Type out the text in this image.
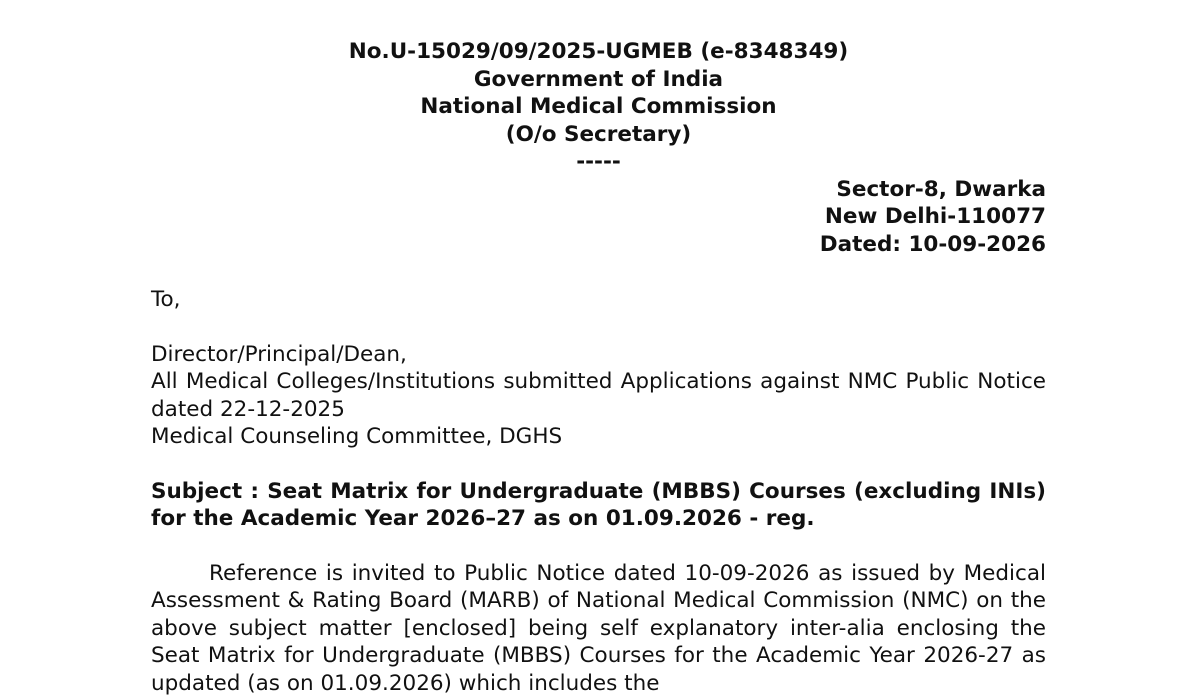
No.U-15029/09/2025-UGMEB (e-8348349)
Government of India
National Medical Commission
(O/o Secretary)
-----
Sector-8, Dwarka
New Delhi-110077
Dated: 10-09-2026
To,
Director/Principal/Dean,
All Medical Colleges/Institutions submitted Applications against NMC Public Notice dated 22-12-2025
Medical Counseling Committee, DGHS
Subject : Seat Matrix for Undergraduate (MBBS) Courses (excluding INIs) for the Academic Year 2026–27 as on 01.09.2026 - reg.
Reference is invited to Public Notice dated 10-09-2026 as issued by Medical Assessment & Rating Board (MARB) of National Medical Commission (NMC) on the above subject matter [enclosed] being self explanatory inter-alia enclosing the Seat Matrix for Undergraduate (MBBS) Courses for the Academic Year 2026-27 as updated (as on 01.09.2026) which includes the
